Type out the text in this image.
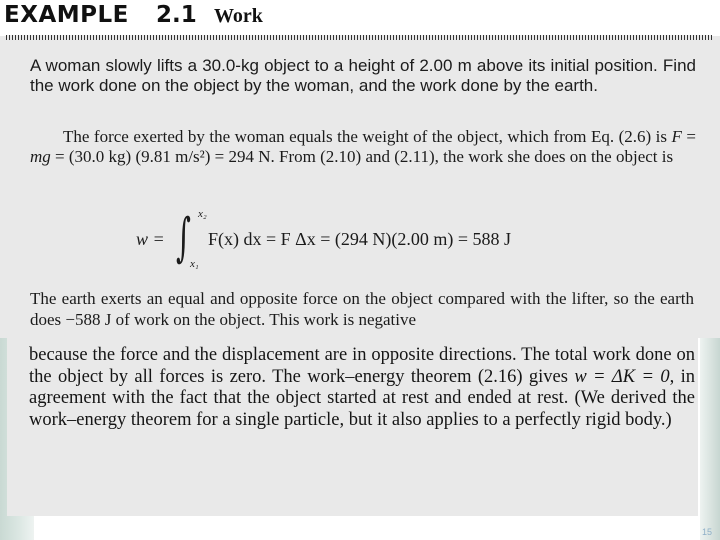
EXAMPLE 2.1 Work

A woman slowly lifts a 30.0-kg object to a height of 2.00 m above its initial position. Find the work done on the object by the woman, and the work done by the earth.

The force exerted by the woman equals the weight of the object, which from Eq. (2.6) is F = mg = (30.0 kg) (9.81 m/s²) = 294 N. From (2.10) and (2.11), the work she does on the object is

w = ∫ x₂
x₁
F(x) dx = F Δx = (294 N)(2.00 m) = 588 J

The earth exerts an equal and opposite force on the object compared with the lifter, so the earth does −588 J of work on the object. This work is negative

because the force and the displacement are in opposite directions. The total work done on the object by all forces is zero. The work–energy theorem (2.16) gives w = ΔK = 0, in agreement with the fact that the object started at rest and ended at rest. (We derived the work–energy theorem for a single particle, but it also applies to a perfectly rigid body.)

15
